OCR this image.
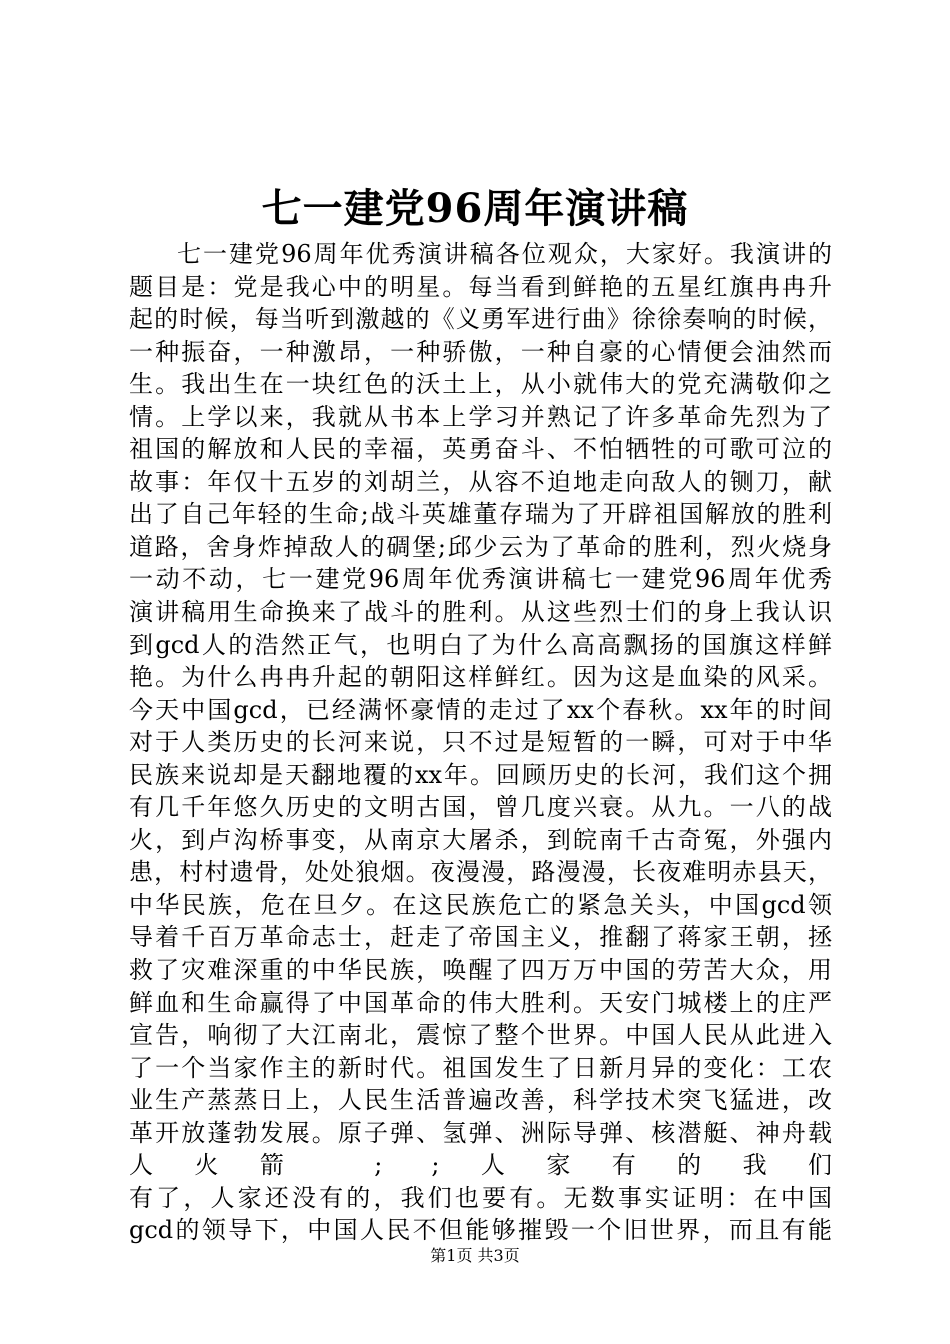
七一建党96周年演讲稿
七一建党96周年优秀演讲稿各位观众，大家好。我演讲的
题目是：党是我心中的明星。每当看到鲜艳的五星红旗冉冉升
起的时候，每当听到激越的《义勇军进行曲》徐徐奏响的时候，
一种振奋，一种激昂，一种骄傲，一种自豪的心情便会油然而
生。我出生在一块红色的沃土上，从小就伟大的党充满敬仰之
情。上学以来，我就从书本上学习并熟记了许多革命先烈为了
祖国的解放和人民的幸福，英勇奋斗、不怕牺牲的可歌可泣的
故事：年仅十五岁的刘胡兰，从容不迫地走向敌人的铡刀，献
出了自己年轻的生命;战斗英雄董存瑞为了开辟祖国解放的胜利
道路，舍身炸掉敌人的碉堡;邱少云为了革命的胜利，烈火烧身
一动不动，七一建党96周年优秀演讲稿七一建党96周年优秀
演讲稿用生命换来了战斗的胜利。从这些烈士们的身上我认识
到gcd人的浩然正气，也明白了为什么高高飘扬的国旗这样鲜
艳。为什么冉冉升起的朝阳这样鲜红。因为这是血染的风采。
今天中国gcd，已经满怀豪情的走过了xx个春秋。xx年的时间
对于人类历史的长河来说，只不过是短暂的一瞬，可对于中华
民族来说却是天翻地覆的xx年。回顾历史的长河，我们这个拥
有几千年悠久历史的文明古国，曾几度兴衰。从九。一八的战
火，到卢沟桥事变，从南京大屠杀，到皖南千古奇冤，外强内
患，村村遗骨，处处狼烟。夜漫漫，路漫漫，长夜难明赤县天，
中华民族，危在旦夕。在这民族危亡的紧急关头，中国gcd领
导着千百万革命志士，赶走了帝国主义，推翻了蒋家王朝，拯
救了灾难深重的中华民族，唤醒了四万万中国的劳苦大众，用
鲜血和生命赢得了中国革命的伟大胜利。天安门城楼上的庄严
宣告，响彻了大江南北，震惊了整个世界。中国人民从此进入
了一个当家作主的新时代。祖国发生了日新月异的变化：工农
业生产蒸蒸日上，人民生活普遍改善，科学技术突飞猛进，改
革开放蓬勃发展。原子弹、氢弹、洲际导弹、核潜艇、神舟载
人火箭 ; ;人家有的我们
有了，人家还没有的，我们也要有。无数事实证明：在中国
gcd的领导下，中国人民不但能够摧毁一个旧世界，而且有能
第1页 共3页
